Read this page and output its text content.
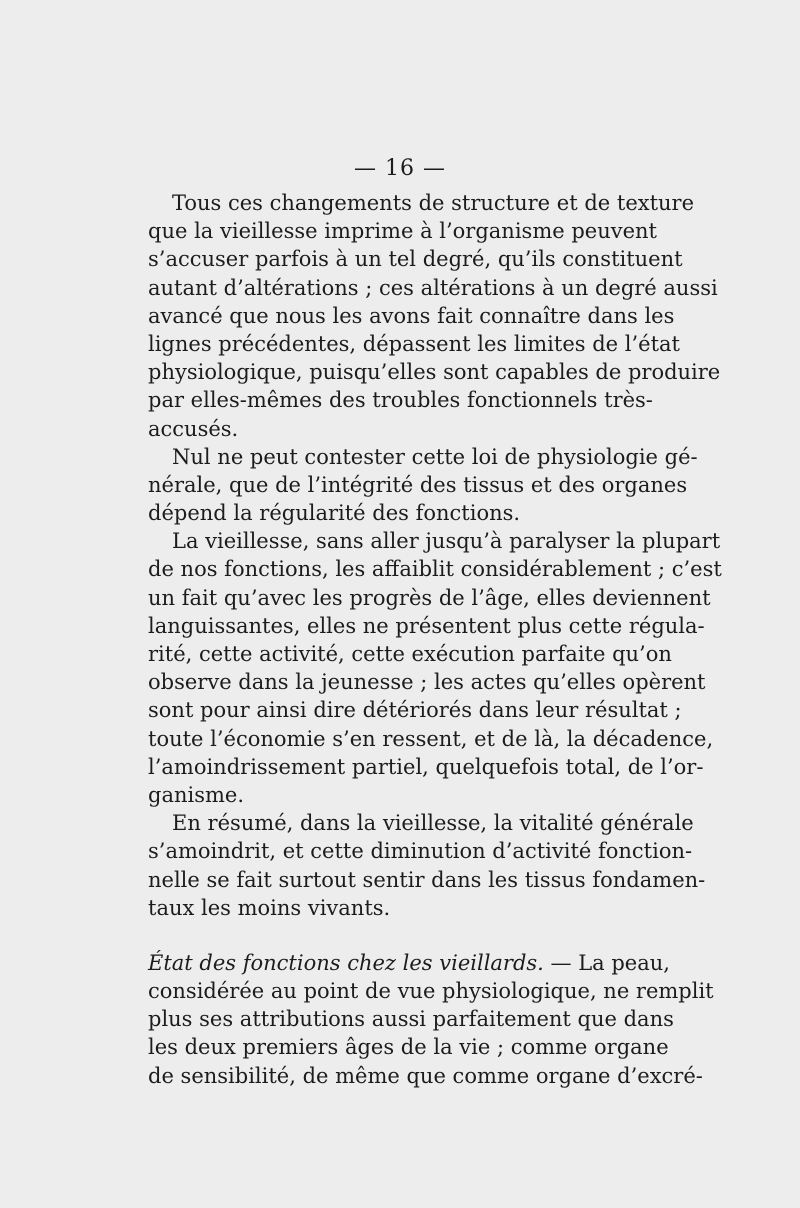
— 16 —
Tous ces changements de structure et de texture
que la vieillesse imprime à l’organisme peuvent
s’accuser parfois à un tel degré, qu’ils constituent
autant d’altérations ; ces altérations à un degré aussi
avancé que nous les avons fait connaître dans les
lignes précédentes, dépassent les limites de l’état
physiologique, puisqu’elles sont capables de produire
par elles-mêmes des troubles fonctionnels très-
accusés.
Nul ne peut contester cette loi de physiologie gé-
nérale, que de l’intégrité des tissus et des organes
dépend la régularité des fonctions.
La vieillesse, sans aller jusqu’à paralyser la plupart
de nos fonctions, les affaiblit considérablement ; c’est
un fait qu’avec les progrès de l’âge, elles deviennent
languissantes, elles ne présentent plus cette régula-
rité, cette activité, cette exécution parfaite qu’on
observe dans la jeunesse ; les actes qu’elles opèrent
sont pour ainsi dire détériorés dans leur résultat ;
toute l’économie s’en ressent, et de là, la décadence,
l’amoindrissement partiel, quelquefois total, de l’or-
ganisme.
En résumé, dans la vieillesse, la vitalité générale
s’amoindrit, et cette diminution d’activité fonction-
nelle se fait surtout sentir dans les tissus fondamen-
taux les moins vivants.
État des fonctions chez les vieillards. — La peau,
considérée au point de vue physiologique, ne remplit
plus ses attributions aussi parfaitement que dans
les deux premiers âges de la vie ; comme organe
de sensibilité, de même que comme organe d’excré-
